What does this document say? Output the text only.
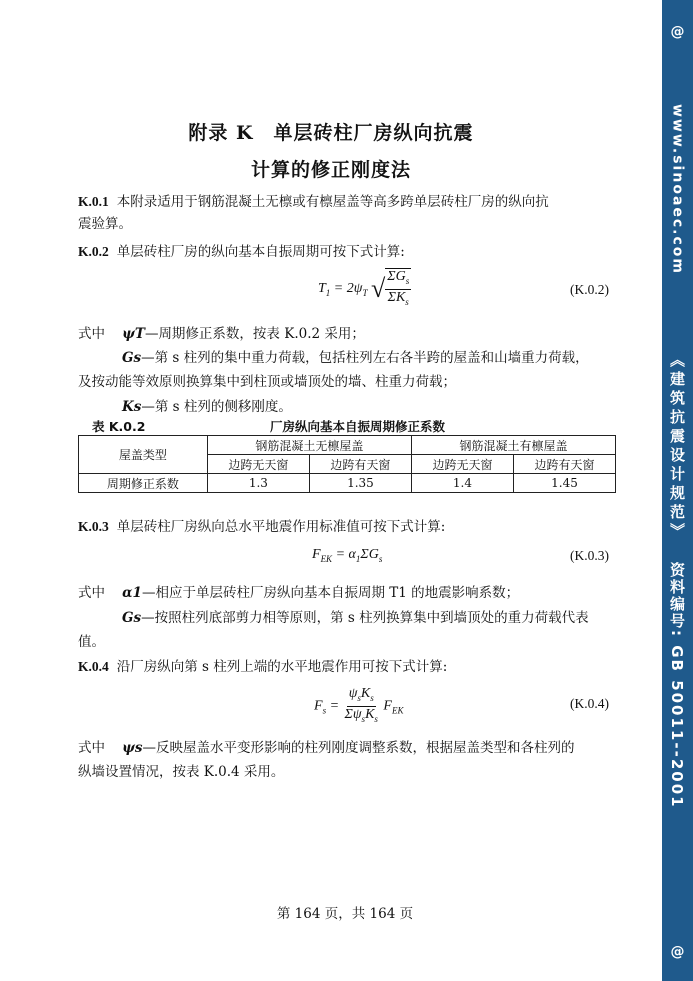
附录 K　单层砖柱厂房纵向抗震
计算的修正刚度法
K.0.1 本附录适用于钢筋混凝土无檩或有檩屋盖等高多跨单层砖柱厂房的纵向抗
震验算。
K.0.2 单层砖柱厂房的纵向基本自振周期可按下式计算:
$T_1 = 2\psi_T$ √ $\frac{\Sigma G_s}{\Sigma K_s}$	(K.0.2)
式中 ψT—周期修正系数，按表 K.0.2 采用；
Gs—第 s 柱列的集中重力荷载，包括柱列左右各半跨的屋盖和山墙重力荷载，
及按动能等效原则换算集中到柱顶或墙顶处的墙、柱重力荷载；
Ks—第 s 柱列的侧移刚度。
表 K.0.2	厂房纵向基本自振周期修正系数
屋盖类型	钢筋混凝土无檩屋盖		钢筋混凝土有檩屋盖	
	边跨无天窗	边跨有天窗	边跨无天窗	边跨有天窗
周期修正系数	1.3	1.35	1.4	1.45
K.0.3 单层砖柱厂房纵向总水平地震作用标准值可按下式计算:
$F_{EK} = \alpha_1\Sigma G_s$	(K.0.3)
式中 α1—相应于单层砖柱厂房纵向基本自振周期 T1 的地震影响系数；
Gs—按照柱列底部剪力相等原则，第 s 柱列换算集中到墙顶处的重力荷载代表
值。
K.0.4 沿厂房纵向第 s 柱列上端的水平地震作用可按下式计算:
$F_s = \frac{\psi_sK_s}{\Sigma\psi_sK_s} F_{EK}$	(K.0.4)
式中 ψs—反映屋盖水平变形影响的柱列刚度调整系数，根据屋盖类型和各柱列的
纵墙设置情况，按表 K.0.4 采用。
第 164 页，共 164 页
@
www.sinoaec.com
《建筑抗震设计规范》
资料编号: GB 50011--2001
@
